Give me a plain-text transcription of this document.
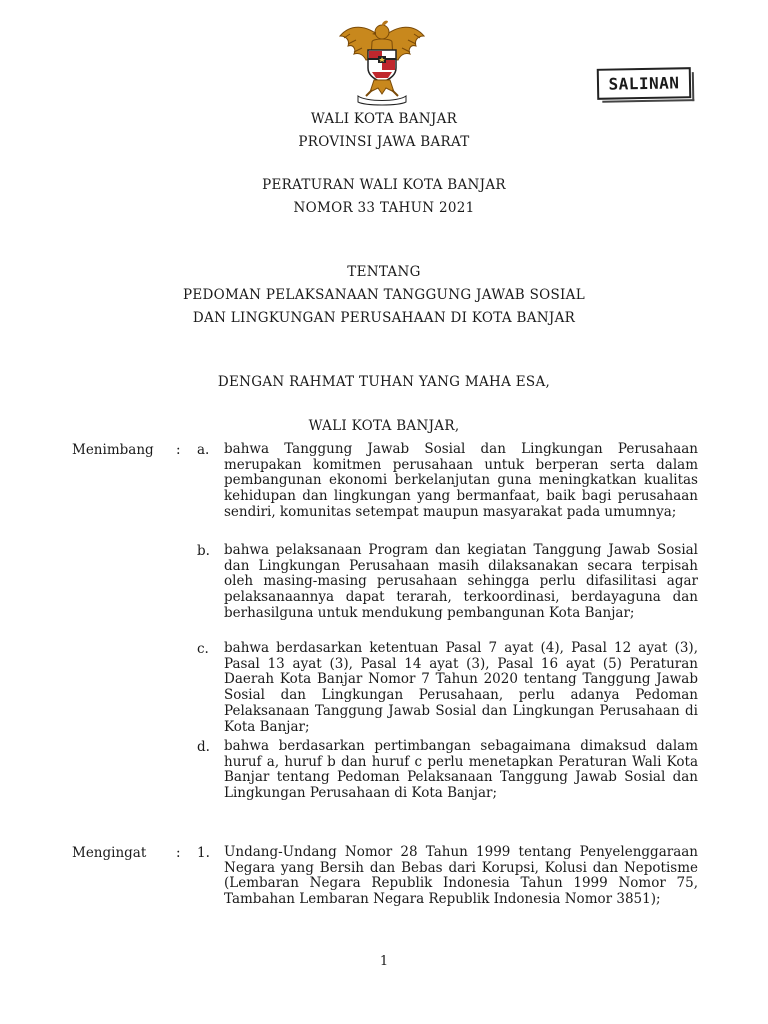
SALINAN
WALI KOTA BANJAR
PROVINSI JAWA BARAT
PERATURAN WALI KOTA BANJAR
NOMOR 33 TAHUN 2021
TENTANG
PEDOMAN PELAKSANAAN TANGGUNG JAWAB SOSIAL
DAN LINGKUNGAN PERUSAHAAN DI KOTA BANJAR
DENGAN RAHMAT TUHAN YANG MAHA ESA,
WALI KOTA BANJAR,
Menimbang : a. bahwa Tanggung Jawab Sosial dan Lingkungan Perusahaan merupakan komitmen perusahaan untuk berperan serta dalam pembangunan ekonomi berkelanjutan guna meningkatkan kualitas kehidupan dan lingkungan yang bermanfaat, baik bagi perusahaan sendiri, komunitas setempat maupun masyarakat pada umumnya;
b. bahwa pelaksanaan Program dan kegiatan Tanggung Jawab Sosial dan Lingkungan Perusahaan masih dilaksanakan secara terpisah oleh masing-masing perusahaan sehingga perlu difasilitasi agar pelaksanaannya dapat terarah, terkoordinasi, berdayaguna dan berhasilguna untuk mendukung pembangunan Kota Banjar;
c. bahwa berdasarkan ketentuan Pasal 7 ayat (4), Pasal 12 ayat (3), Pasal 13 ayat (3), Pasal 14 ayat (3), Pasal 16 ayat (5) Peraturan Daerah Kota Banjar Nomor 7 Tahun 2020 tentang Tanggung Jawab Sosial dan Lingkungan Perusahaan, perlu adanya Pedoman Pelaksanaan Tanggung Jawab Sosial dan Lingkungan Perusahaan di Kota Banjar;
d. bahwa berdasarkan pertimbangan sebagaimana dimaksud dalam huruf a, huruf b dan huruf c perlu menetapkan Peraturan Wali Kota Banjar tentang Pedoman Pelaksanaan Tanggung Jawab Sosial dan Lingkungan Perusahaan di Kota Banjar;
Mengingat : 1. Undang-Undang Nomor 28 Tahun 1999 tentang Penyelenggaraan Negara yang Bersih dan Bebas dari Korupsi, Kolusi dan Nepotisme (Lembaran Negara Republik Indonesia Tahun 1999 Nomor 75, Tambahan Lembaran Negara Republik Indonesia Nomor 3851);
1
